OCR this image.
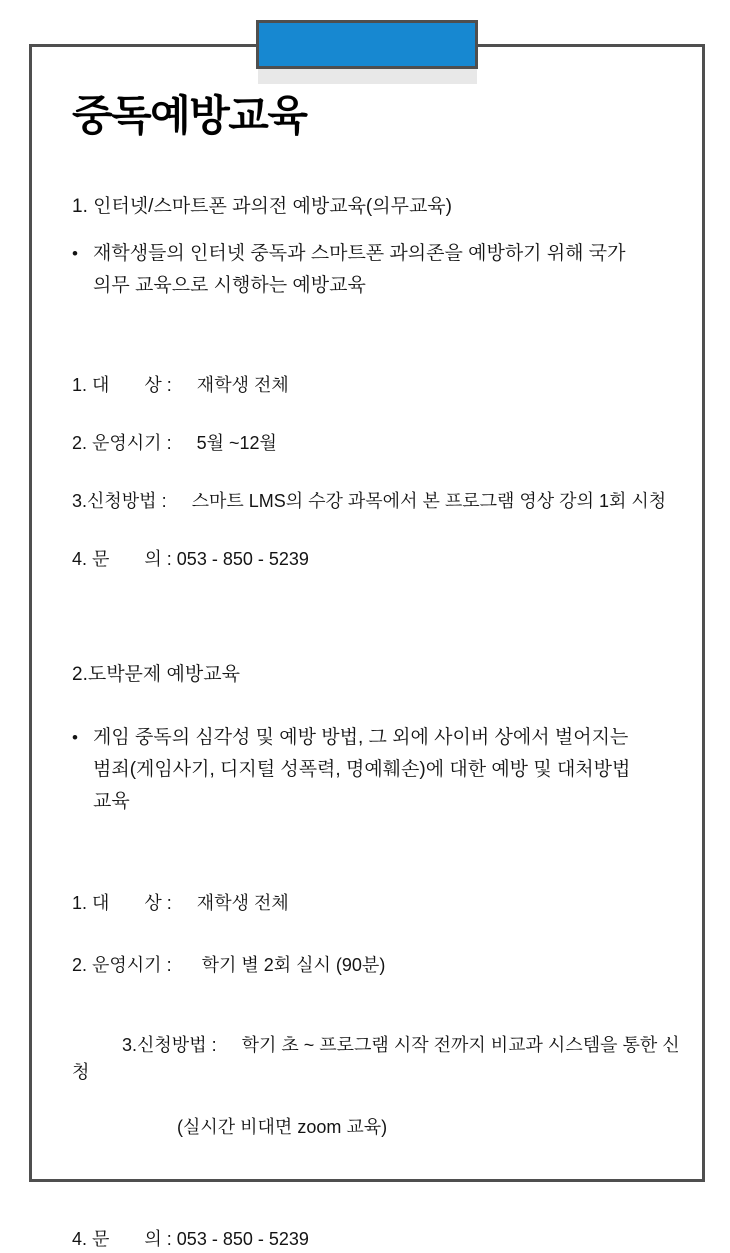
중독예방교육
1. 인터넷/스마트폰 과의전 예방교육(의무교육)
• 재학생들의 인터넷 중독과 스마트폰 과의존을 예방하기 위해 국가
의무 교육으로 시행하는 예방교육
1. 대       상 :     재학생 전체
2. 운영시기 :     5월 ~12월
3.신청방법 :     스마트 LMS의 수강 과목에서 본 프로그램 영상 강의 1회 시청
4. 문       의 : 053 - 850 - 5239
2.도박문제 예방교육
• 게임 중독의 심각성 및 예방 방법, 그 외에 사이버 상에서 벌어지는
범죄(게임사기, 디지털 성폭력, 명예훼손)에 대한 예방 및 대처방법
교육
1. 대       상 :     재학생 전체
2. 운영시기 :      학기 별 2회 실시 (90분)

3.신청방법 :     학기 초 ~ 프로그램 시작 전까지 비교과 시스템을 통한 신청

(실시간 비대면 zoom 교육)

4. 문       의 : 053 - 850 - 5239
